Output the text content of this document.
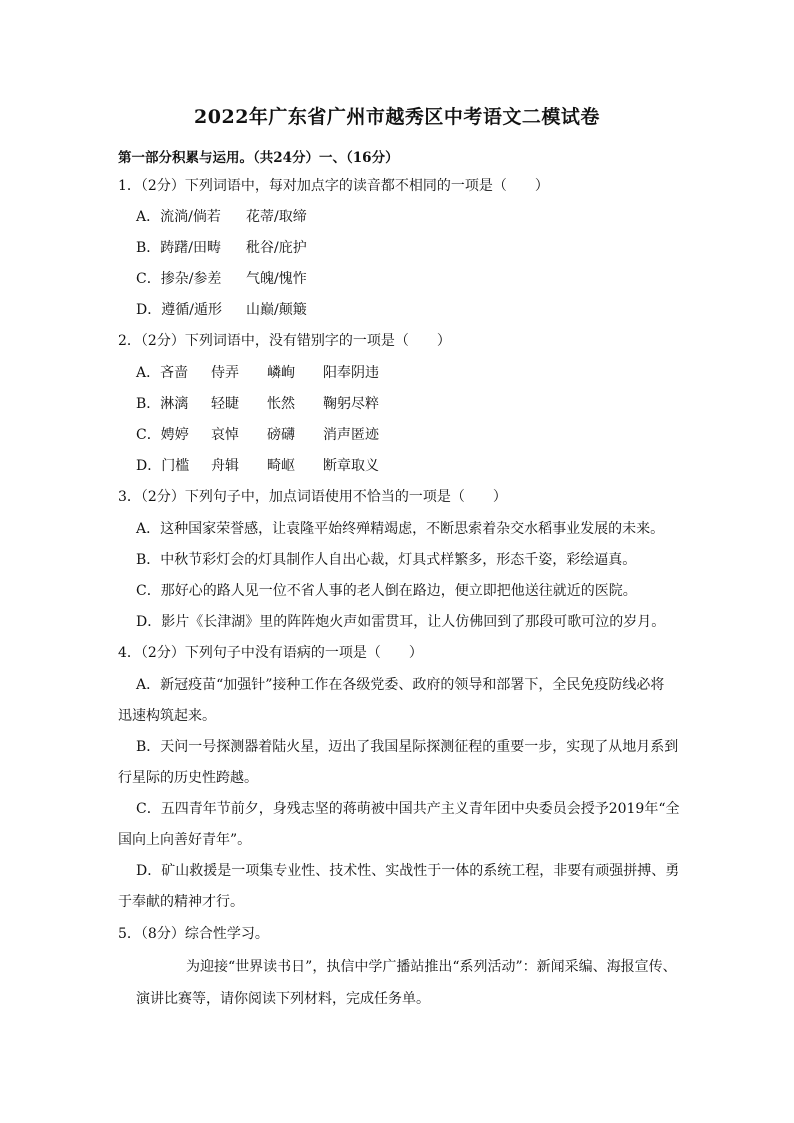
2022年广东省广州市越秀区中考语文二模试卷
第一部分积累与运用。（共24分）一、（16分）
1．（2分）下列词语中，每对加点字的读音都不相同的一项是（　　）
A．流淌/倘若 花蒂/取缔
B．踌躇/田畴 秕谷/庇护
C．掺杂/参差 气魄/愧怍
D．遵循/遁形 山巅/颠簸
2．（2分）下列词语中，没有错别字的一项是（　　）
A．吝啬 侍弄 嶙峋 阳奉阴违
B．淋漓 轻睫 怅然 鞠躬尽粹
C．娉婷 哀悼 磅礴 消声匿迹
D．门槛 舟辑 畸岖 断章取义
3．（2分）下列句子中，加点词语使用不恰当的一项是（　　）
A．这种国家荣誉感，让袁隆平始终殚精竭虑，不断思索着杂交水稻事业发展的未来。
B．中秋节彩灯会的灯具制作人自出心裁，灯具式样繁多，形态千姿，彩绘逼真。
C．那好心的路人见一位不省人事的老人倒在路边，便立即把他送往就近的医院。
D．影片《长津湖》里的阵阵炮火声如雷贯耳，让人仿佛回到了那段可歌可泣的岁月。
4．（2分）下列句子中没有语病的一项是（　　）
A．新冠疫苗“加强针”接种工作在各级党委、政府的领导和部署下，全民免疫防线必将
迅速构筑起来。
B．天问一号探测器着陆火星，迈出了我国星际探测征程的重要一步，实现了从地月系到
行星际的历史性跨越。
C．五四青年节前夕，身残志坚的蒋萌被中国共产主义青年团中央委员会授予2019年“全
国向上向善好青年”。
D．矿山救援是一项集专业性、技术性、实战性于一体的系统工程，非要有顽强拼搏、勇
于奉献的精神才行。
5．（8分）综合性学习。
为迎接“世界读书日”，执信中学广播站推出“系列活动”：新闻采编、海报宣传、
演讲比赛等，请你阅读下列材料，完成任务单。
